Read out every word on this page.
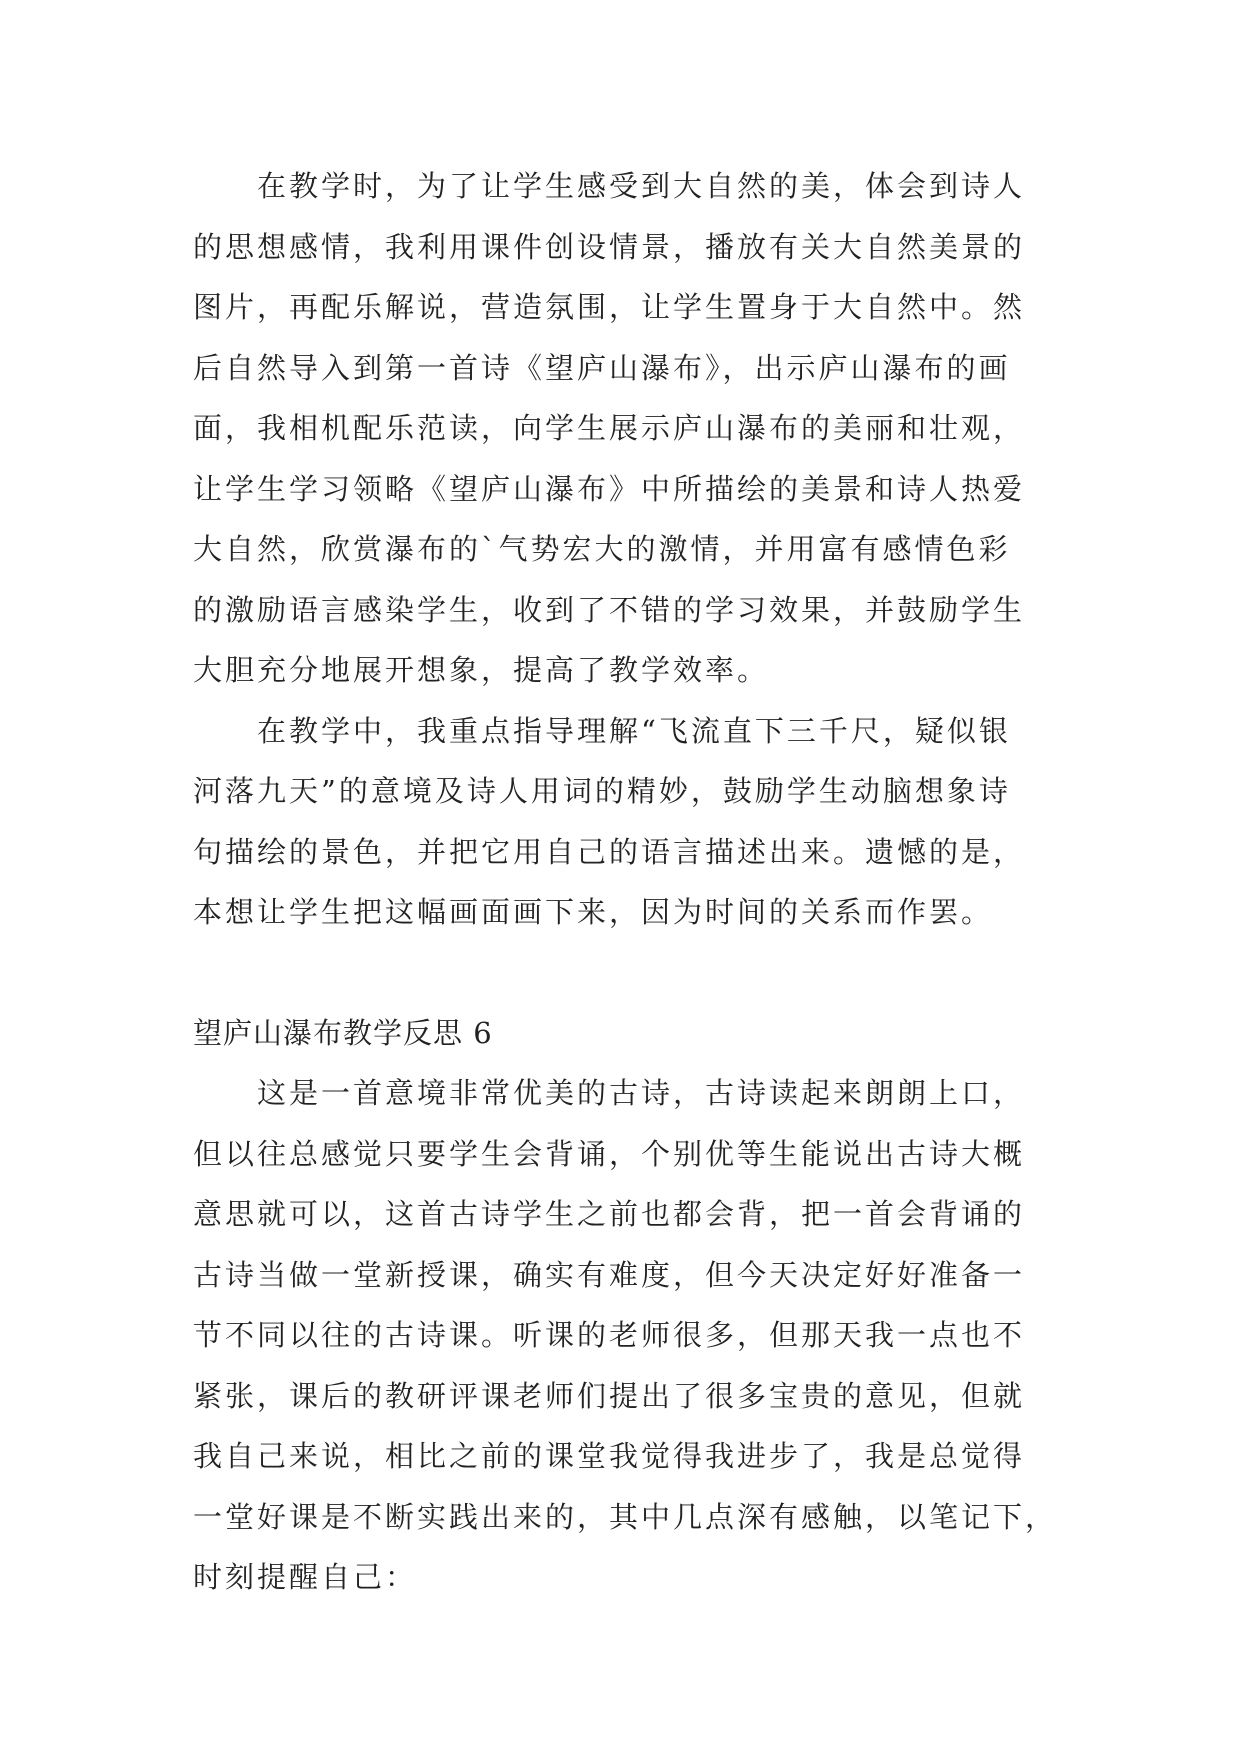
在教学时，为了让学生感受到大自然的美，体会到诗人
的思想感情，我利用课件创设情景，播放有关大自然美景的
图片，再配乐解说，营造氛围，让学生置身于大自然中。然
后自然导入到第一首诗《望庐山瀑布》，出示庐山瀑布的画
面，我相机配乐范读，向学生展示庐山瀑布的美丽和壮观，
让学生学习领略《望庐山瀑布》中所描绘的美景和诗人热爱
大自然，欣赏瀑布的`气势宏大的激情，并用富有感情色彩
的激励语言感染学生，收到了不错的学习效果，并鼓励学生
大胆充分地展开想象，提高了教学效率。

在教学中，我重点指导理解“飞流直下三千尺，疑似银
河落九天”的意境及诗人用词的精妙，鼓励学生动脑想象诗
句描绘的景色，并把它用自己的语言描述出来。遗憾的是，
本想让学生把这幅画面画下来，因为时间的关系而作罢。

望庐山瀑布教学反思 6

这是一首意境非常优美的古诗，古诗读起来朗朗上口，
但以往总感觉只要学生会背诵，个别优等生能说出古诗大概
意思就可以，这首古诗学生之前也都会背，把一首会背诵的
古诗当做一堂新授课，确实有难度，但今天决定好好准备一
节不同以往的古诗课。听课的老师很多，但那天我一点也不
紧张，课后的教研评课老师们提出了很多宝贵的意见，但就
我自己来说，相比之前的课堂我觉得我进步了，我是总觉得
一堂好课是不断实践出来的，其中几点深有感触，以笔记下，
时刻提醒自己：
